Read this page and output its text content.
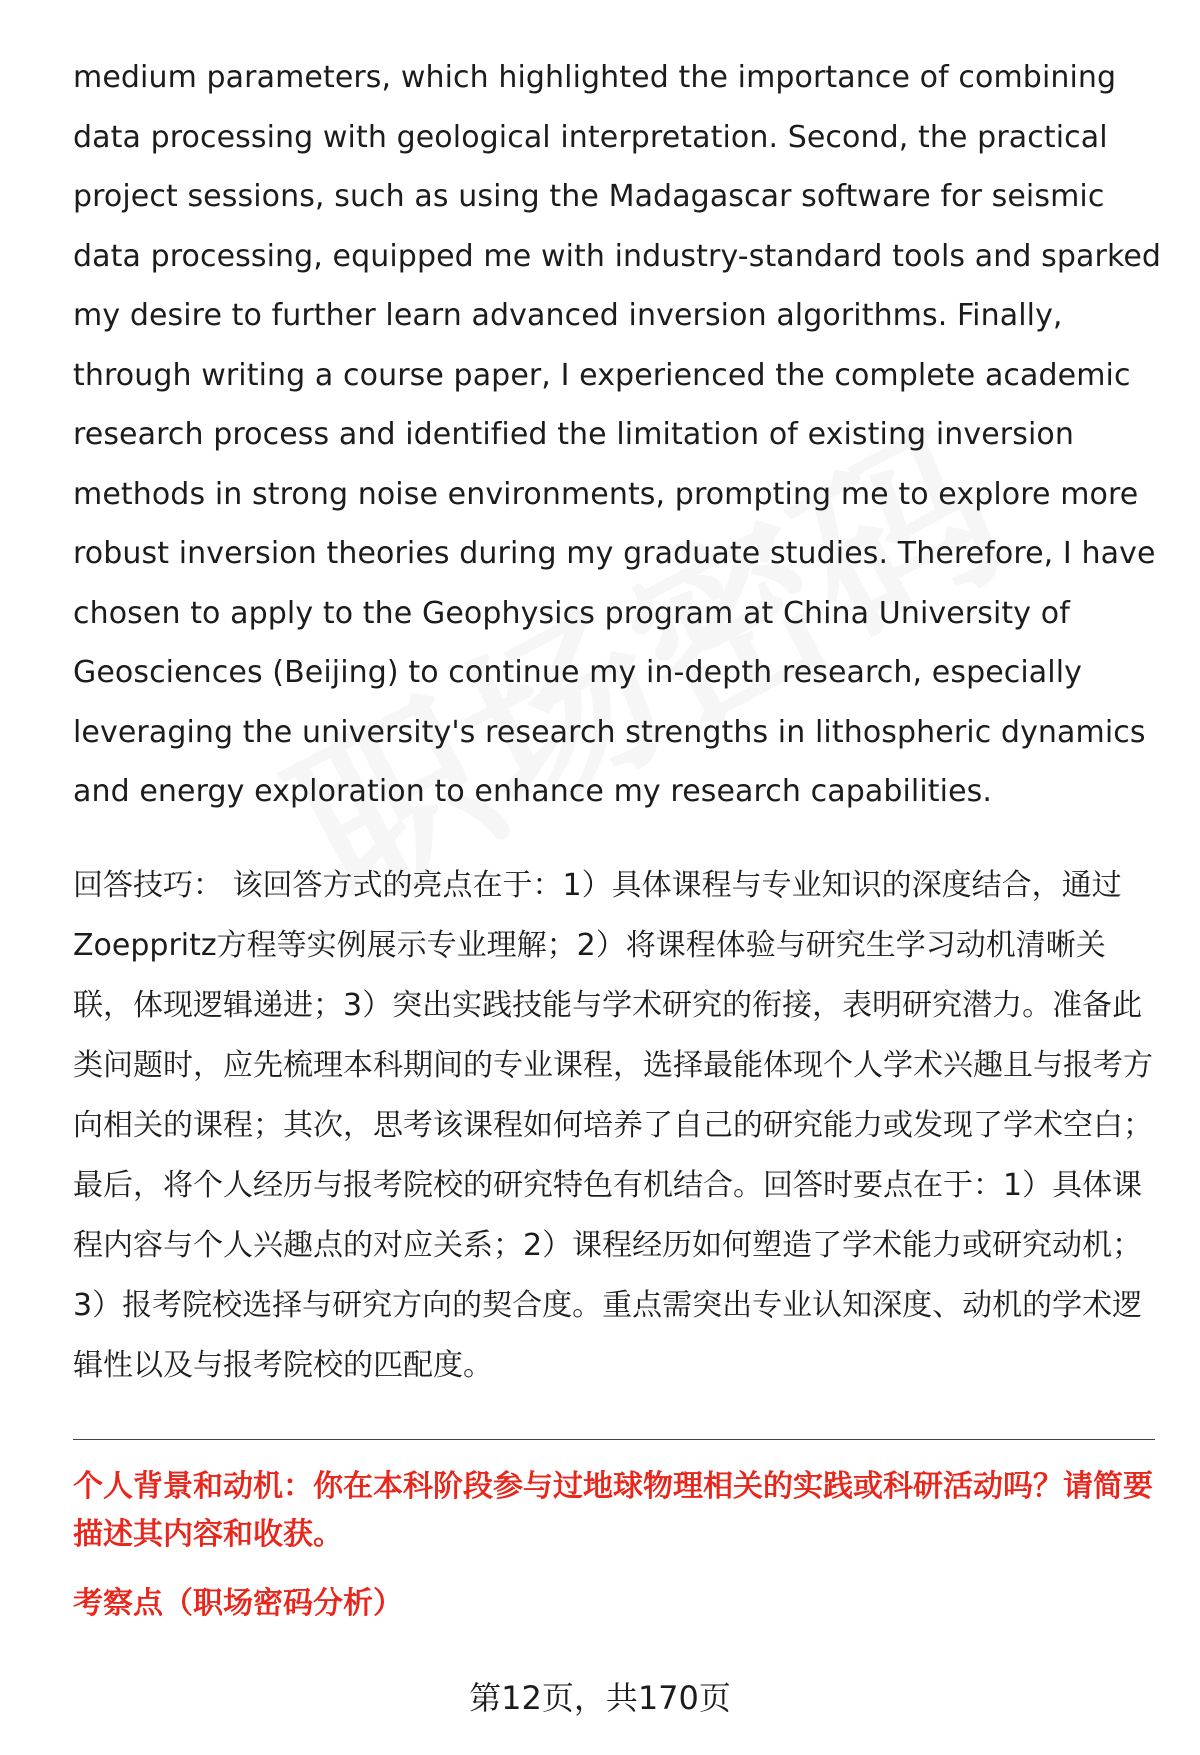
medium parameters, which highlighted the importance of combining data processing with geological interpretation. Second, the practical project sessions, such as using the Madagascar software for seismic data processing, equipped me with industry-standard tools and sparked my desire to further learn advanced inversion algorithms. Finally, through writing a course paper, I experienced the complete academic research process and identified the limitation of existing inversion methods in strong noise environments, prompting me to explore more robust inversion theories during my graduate studies. Therefore, I have chosen to apply to the Geophysics program at China University of Geosciences (Beijing) to continue my in-depth research, especially leveraging the university's research strengths in lithospheric dynamics and energy exploration to enhance my research capabilities.

回答技巧： 该回答方式的亮点在于：1）具体课程与专业知识的深度结合，通过Zoeppritz方程等实例展示专业理解；2）将课程体验与研究生学习动机清晰关联，体现逻辑递进；3）突出实践技能与学术研究的衔接，表明研究潜力。准备此类问题时，应先梳理本科期间的专业课程，选择最能体现个人学术兴趣且与报考方向相关的课程；其次，思考该课程如何培养了自己的研究能力或发现了学术空白；最后，将个人经历与报考院校的研究特色有机结合。回答时要点在于：1）具体课程内容与个人兴趣点的对应关系；2）课程经历如何塑造了学术能力或研究动机；3）报考院校选择与研究方向的契合度。重点需突出专业认知深度、动机的学术逻辑性以及与报考院校的匹配度。

个人背景和动机：你在本科阶段参与过地球物理相关的实践或科研活动吗？请简要描述其内容和收获。

考察点（职场密码分析）

第12页，共170页
